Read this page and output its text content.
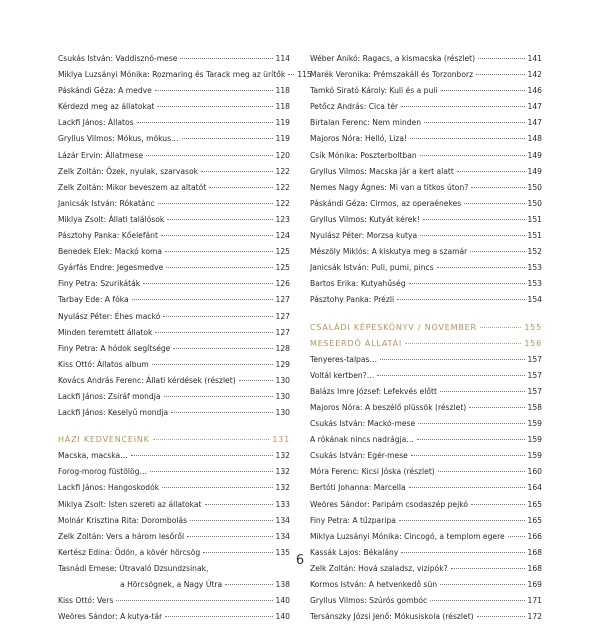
Csukás István: Vaddisznó-mese	114
Miklya Luzsányi Mónika: Rozmaring és Tarack meg az ürítők 115
Páskándi Géza: A medve	118
Kérdezd meg az állatokat	118
Lackfi János: Állatos	119
Gryllus Vilmos: Mókus, mókus…	119
Lázár Ervin: Állatmese	120
Zelk Zoltán: Őzek, nyulak, szarvasok	122
Zelk Zoltán: Mikor beveszem az altatót	122
Janicsák István: Rókatánc	122
Miklya Zsolt: Állati találósok	123
Pásztohy Panka: Kőelefánt	124
Benedek Elek: Mackó koma	125
Gyárfás Endre: Jegesmedve	125
Finy Petra: Szurikáták	126
Tarbay Ede: A fóka	127
Nyulász Péter: Éhes mackó	127
Minden teremtett állatok	127
Finy Petra: A hódok segítsége	128
Kiss Ottó: Állatos album	129
Kovács András Ferenc: Állati kérdések (részlet)	130
Lackfi János: Zsiráf mondja	130
Lackfi János: Keselyű mondja	130
HÁZI KEDVENCEINK	131
Macska, macska…	132
Forog-morog füstölög…	132
Lackfi János: Hangoskodók	132
Miklya Zsolt: Isten szereti az állatokat	133
Molnár Krisztina Rita: Dorombolás	134
Zelk Zoltán: Vers a három lesőről	134
Kertész Edina: Ödön, a kövér hörcsög	135
Tasnádi Emese: Útravaló Dzsundzsinak,
a Hörcsögnek, a Nagy Útra	138
Kiss Ottó: Vers	140
Weöres Sándor: A kutya-tár	140
Wéber Anikó: Ragacs, a kismacska (részlet)	141
Marék Veronika: Prémszakáll és Torzonborz	142
Tamkó Sirató Károly: Kuli és a puli	146
Petőcz András: Cica tér	147
Birtalan Ferenc: Nem minden	147
Majoros Nóra: Helló, Liza!	148
Csík Mónika: Poszterboltban	149
Gryllus Vilmos: Macska jár a kert alatt	149
Nemes Nagy Ágnes: Mi van a titkos úton?	150
Páskándi Géza: Cirmos, az operaénekes	150
Gryllus Vilmos: Kutyát kérek!	151
Nyulász Péter: Morzsa kutya	151
Mészöly Miklós: A kiskutya meg a szamár	152
Janicsák István: Puli, pumi, pincs	153
Bartos Erika: Kutyahűség	153
Pásztohy Panka: Prézli	154
CSALÁDI KÉPESKÖNYV / NOVEMBER	155
MESEERDŐ ÁLLATAI	156
Tenyeres-talpas…	157
Voltál kertben?…	157
Balázs Imre József: Lefekvés előtt	157
Majoros Nóra: A beszélő plüssök (részlet)	158
Csukás István: Mackó-mese	159
A rókának nincs nadrágja…	159
Csukás István: Egér-mese	159
Móra Ferenc: Kicsi Jóska (részlet)	160
Bertóti Johanna: Marcella	164
Weöres Sándor: Paripám csodaszép pejkó	165
Finy Petra: A tűzparipa	165
Miklya Luzsányi Mónika: Cincogó, a templom egere	166
Kassák Lajos: Békalány	168
Zelk Zoltán: Hová szaladsz, vizipók?	168
Kormos István: A hetvenkedő sün	169
Gryllus Vilmos: Szúrós gombóc	171
Tersánszky Józsi Jenő: Mókusiskola (részlet)	172
6
